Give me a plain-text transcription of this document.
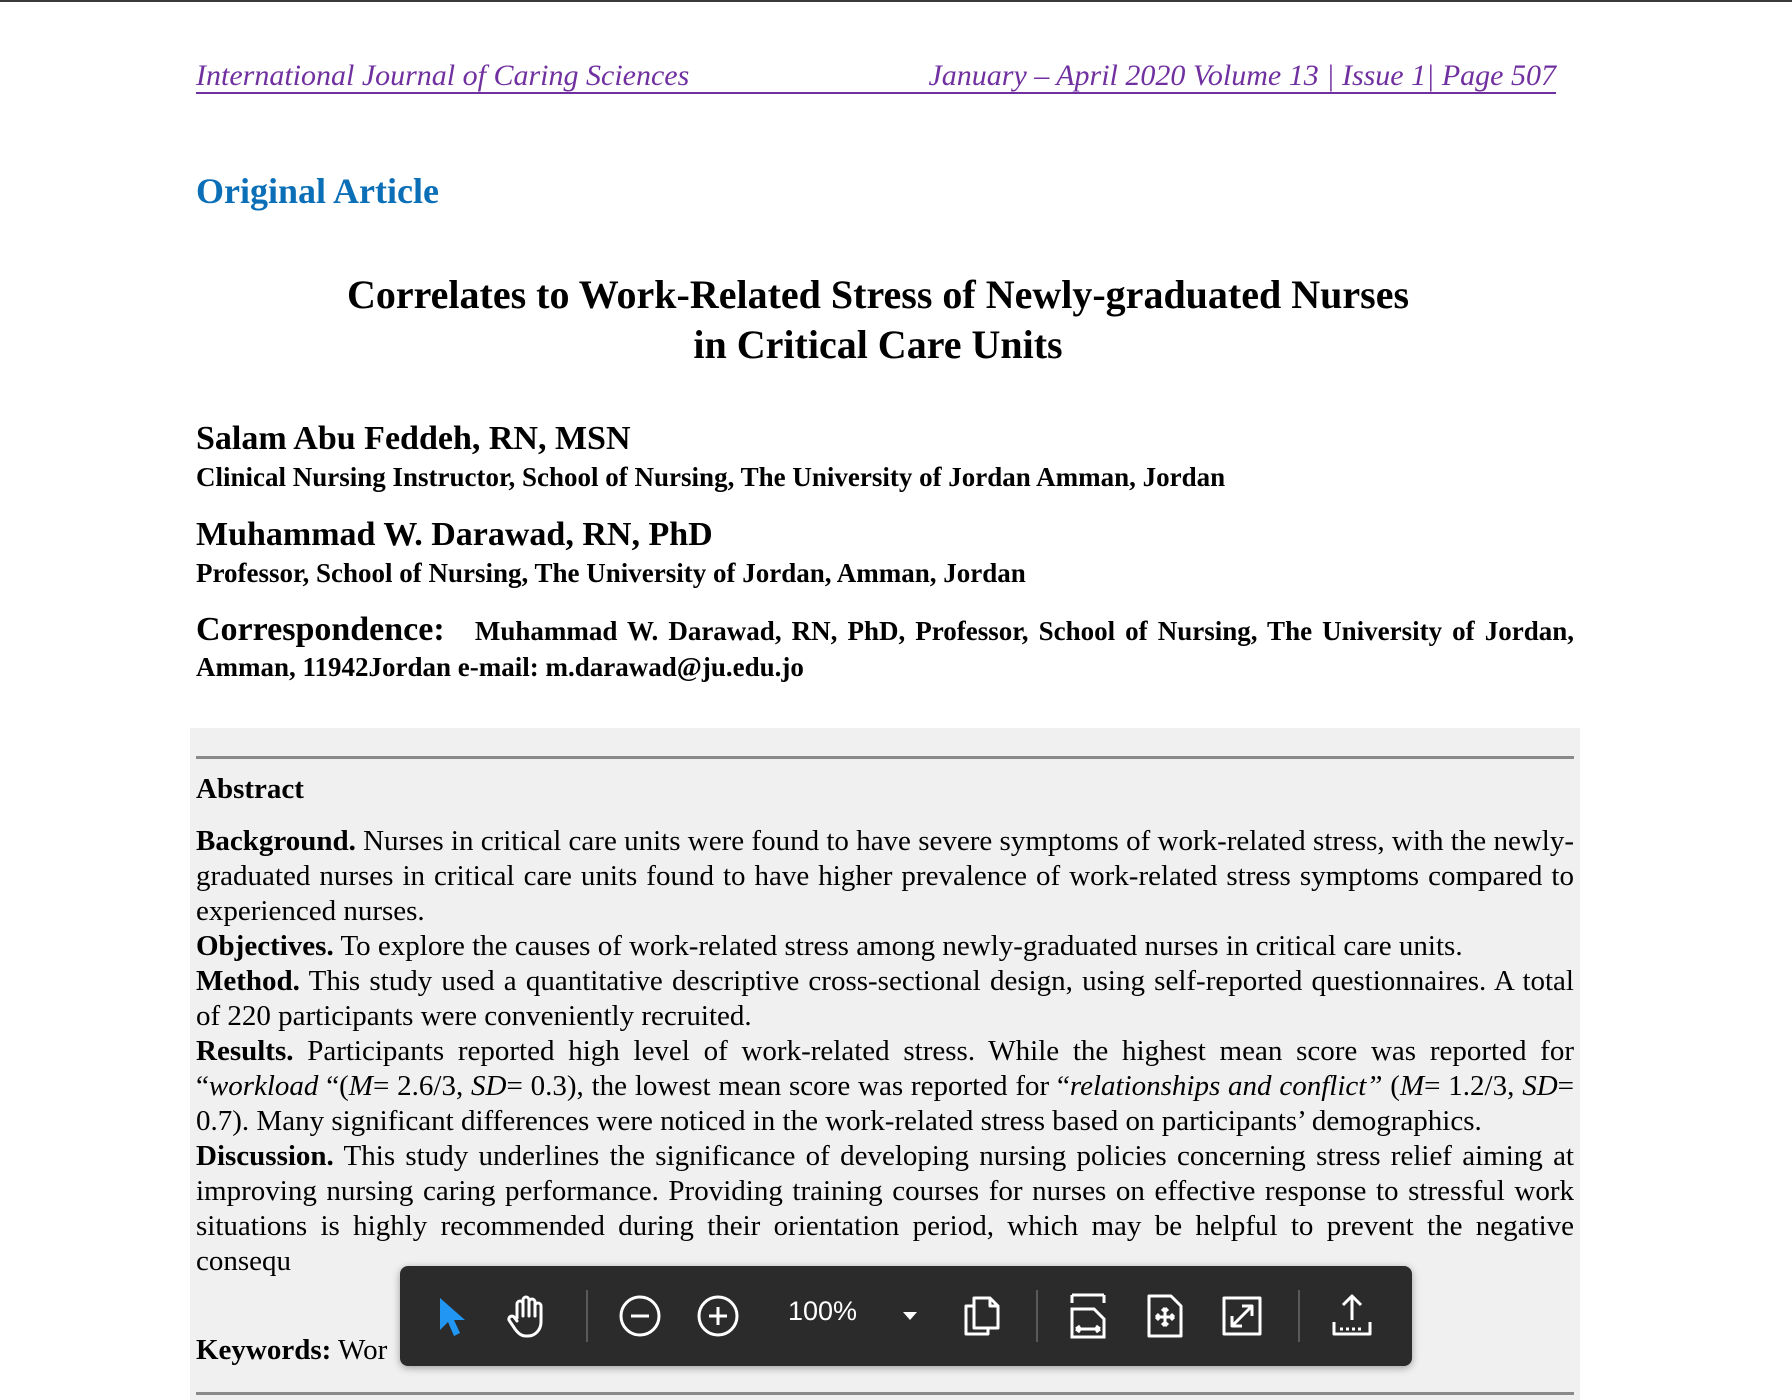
International Journal of Caring Sciences	January – April 2020 Volume 13 | Issue 1| Page 507
Original Article
Correlates to Work-Related Stress of Newly-graduated Nurses
in Critical Care Units
Salam Abu Feddeh, RN, MSN
Clinical Nursing Instructor, School of Nursing, The University of Jordan Amman, Jordan
Muhammad W. Darawad, RN, PhD
Professor, School of Nursing, The University of Jordan, Amman, Jordan
Correspondence: Muhammad W. Darawad, RN, PhD, Professor, School of Nursing, The University of Jordan, Amman, 11942Jordan e-mail: m.darawad@ju.edu.jo
Abstract

Background. Nurses in critical care units were found to have severe symptoms of work-related stress, with the newly-graduated nurses in critical care units found to have higher prevalence of work-related stress symptoms compared to experienced nurses.

Objectives. To explore the causes of work-related stress among newly-graduated nurses in critical care units.

Method. This study used a quantitative descriptive cross-sectional design, using self-reported questionnaires. A total of 220 participants were conveniently recruited.

Results. Participants reported high level of work-related stress. While the highest mean score was reported for “workload “(M= 2.6/3, SD= 0.3), the lowest mean score was reported for “relationships and conflict” (M= 1.2/3, SD= 0.7). Many significant differences were noticed in the work-related stress based on participants’ demographics.

Discussion. This study underlines the significance of developing nursing policies concerning stress relief aiming at improving nursing caring performance. Providing training courses for nurses on effective response to stressful work situations is highly recommended during their orientation period, which may be helpful to prevent the negative consequ

Keywords: Wor
100%
